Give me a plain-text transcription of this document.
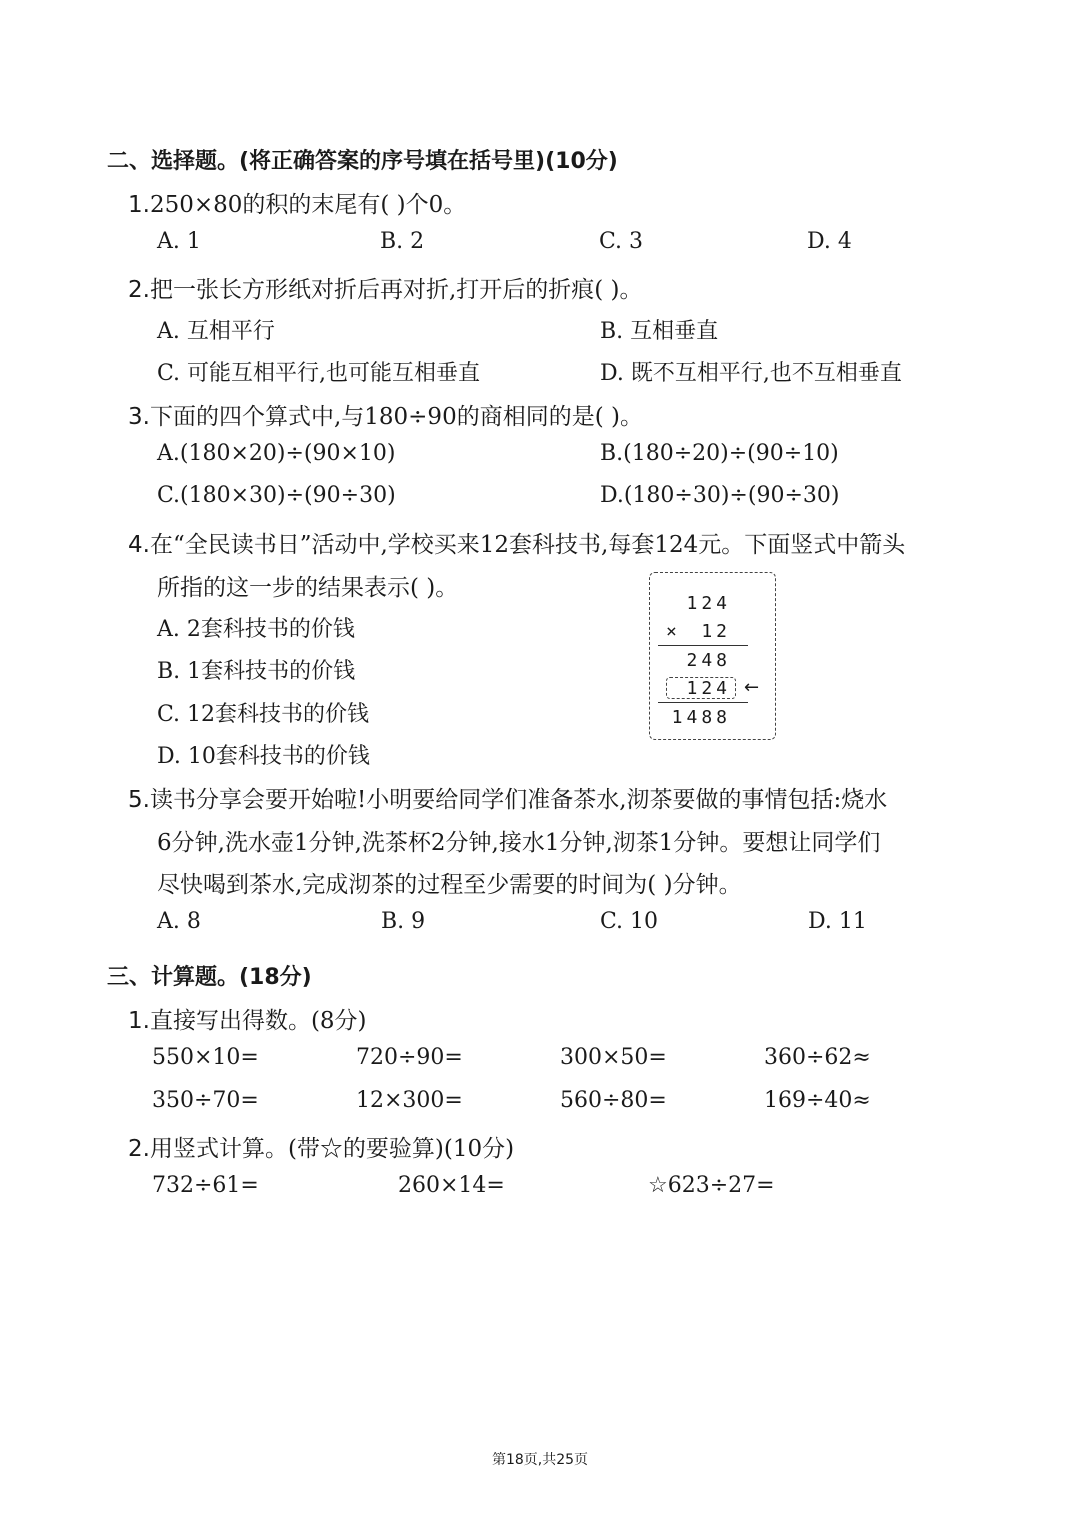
二、选择题。(将正确答案的序号填在括号里)(10分)
1.250×80的积的末尾有( )个0。
A. 1	B. 2	C. 3	D. 4
2.把一张长方形纸对折后再对折,打开后的折痕( )。
A. 互相平行	B. 互相垂直
C. 可能互相平行,也可能互相垂直	D. 既不互相平行,也不互相垂直
3.下面的四个算式中,与180÷90的商相同的是( )。
A.(180×20)÷(90×10)	B.(180÷20)÷(90÷10)
C.(180×30)÷(90÷30)	D.(180÷30)÷(90÷30)
4.在“全民读书日”活动中,学校买来12套科技书,每套124元。下面竖式中箭头
所指的这一步的结果表示( )。
A. 2套科技书的价钱
B. 1套科技书的价钱
C. 12套科技书的价钱
D. 10套科技书的价钱
124
× 12
248
124 ←
1488
5.读书分享会要开始啦!小明要给同学们准备茶水,沏茶要做的事情包括:烧水
6分钟,洗水壶1分钟,洗茶杯2分钟,接水1分钟,沏茶1分钟。要想让同学们
尽快喝到茶水,完成沏茶的过程至少需要的时间为( )分钟。
A. 8	B. 9	C. 10	D. 11
三、计算题。(18分)
1.直接写出得数。(8分)
550×10=	720÷90=	300×50=	360÷62≈
350÷70=	12×300=	560÷80=	169÷40≈
2.用竖式计算。(带☆的要验算)(10分)
732÷61=	260×14=	☆623÷27=
第18页,共25页
